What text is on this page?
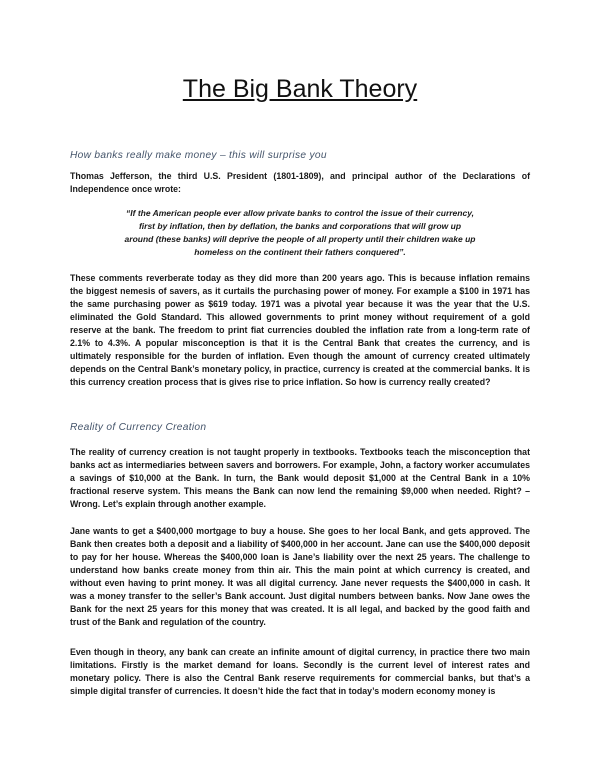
The Big Bank Theory
How banks really make money – this will surprise you

Thomas Jefferson, the third U.S. President (1801-1809), and principal author of the Declarations of Independence once wrote:

“If the American people ever allow private banks to control the issue of their currency, first by inflation, then by deflation, the banks and corporations that will grow up around (these banks) will deprive the people of all property until their children wake up homeless on the continent their fathers conquered”.

These comments reverberate today as they did more than 200 years ago. This is because inflation remains the biggest nemesis of savers, as it curtails the purchasing power of money. For example a $100 in 1971 has the same purchasing power as $619 today. 1971 was a pivotal year because it was the year that the U.S. eliminated the Gold Standard. This allowed governments to print money without requirement of a gold reserve at the bank. The freedom to print fiat currencies doubled the inflation rate from a long-term rate of 2.1% to 4.3%. A popular misconception is that it is the Central Bank that creates the currency, and is ultimately responsible for the burden of inflation. Even though the amount of currency created ultimately depends on the Central Bank’s monetary policy, in practice, currency is created at the commercial banks. It is this currency creation process that is gives rise to price inflation. So how is currency really created?

Reality of Currency Creation

The reality of currency creation is not taught properly in textbooks. Textbooks teach the misconception that banks act as intermediaries between savers and borrowers. For example, John, a factory worker accumulates a savings of $10,000 at the Bank. In turn, the Bank would deposit $1,000 at the Central Bank in a 10% fractional reserve system. This means the Bank can now lend the remaining $9,000 when needed. Right? – Wrong. Let’s explain through another example.

Jane wants to get a $400,000 mortgage to buy a house. She goes to her local Bank, and gets approved. The Bank then creates both a deposit and a liability of $400,000 in her account. Jane can use the $400,000 deposit to pay for her house. Whereas the $400,000 loan is Jane’s liability over the next 25 years. The challenge to understand how banks create money from thin air. This the main point at which currency is created, and without even having to print money. It was all digital currency. Jane never requests the $400,000 in cash. It was a money transfer to the seller’s Bank account. Just digital numbers between banks. Now Jane owes the Bank for the next 25 years for this money that was created. It is all legal, and backed by the good faith and trust of the Bank and regulation of the country.

Even though in theory, any bank can create an infinite amount of digital currency, in practice there two main limitations. Firstly is the market demand for loans. Secondly is the current level of interest rates and monetary policy. There is also the Central Bank reserve requirements for commercial banks, but that’s a simple digital transfer of currencies. It doesn’t hide the fact that in today’s modern economy money is
